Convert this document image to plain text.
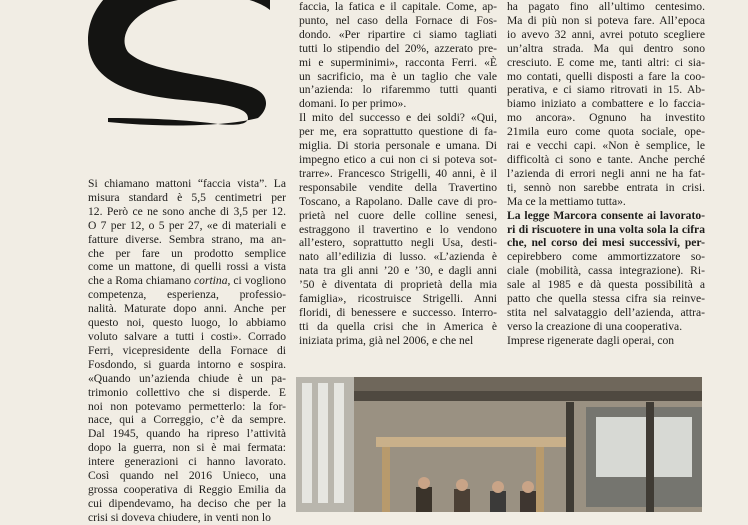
Si chiamano mattoni “faccia vista”. La
misura standard è 5,5 centimetri per
12. Però ce ne sono anche di 3,5 per 12.
O 7 per 12, o 5 per 27, «e di materiali e
fatture diverse. Sembra strano, ma an-
che per fare un prodotto semplice
come un mattone, di quelli rossi a vista
che a Roma chiamano cortina, ci vogliono
competenza, esperienza, professio-
nalità. Maturate dopo anni. Anche per
questo noi, questo luogo, lo abbiamo
voluto salvare a tutti i costi». Corrado
Ferri, vicepresidente della Fornace di
Fosdondo, si guarda intorno e sospira.
«Quando un’azienda chiude è un pa-
trimonio collettivo che si disperde. E
noi non potevamo permetterlo: la for-
nace, qui a Correggio, c’è da sempre.
Dal 1945, quando ha ripreso l’attività
dopo la guerra, non si è mai fermata:
intere generazioni ci hanno lavorato.
Così quando nel 2016 Unieco, una
grossa cooperativa di Reggio Emilia da
cui dipendevamo, ha deciso che per la
crisi si doveva chiudere, in venti non lo
faccia, la fatica e il capitale. Come, ap-
punto, nel caso della Fornace di Fos-
dondo. «Per ripartire ci siamo tagliati
tutti lo stipendio del 20%, azzerato pre-
mi e superminimi», racconta Ferri. «È
un sacrificio, ma è un taglio che vale
un’azienda: lo rifaremmo tutti quanti
domani. Io per primo».
Il mito del successo e dei soldi? «Qui,
per me, era soprattutto questione di fa-
miglia. Di storia personale e umana. Di
impegno etico a cui non ci si poteva sot-
trarre». Francesco Strigelli, 40 anni, è il
responsabile vendite della Travertino
Toscano, a Rapolano. Dalle cave di pro-
prietà nel cuore delle colline senesi,
estraggono il travertino e lo vendono
all’estero, soprattutto negli Usa, desti-
nato all’edilizia di lusso. «L’azienda è
nata tra gli anni ’20 e ’30, e dagli anni
’50 è diventata di proprietà della mia
famiglia», ricostruisce Strigelli. Anni
floridi, di benessere e successo. Interro-
tti da quella crisi che in America è
iniziata prima, già nel 2006, e che nel
ha pagato fino all’ultimo centesimo.
Ma di più non si poteva fare. All’epoca
io avevo 32 anni, avrei potuto scegliere
un’altra strada. Ma qui dentro sono
cresciuto. E come me, tanti altri: ci sia-
mo contati, quelli disposti a fare la coo-
perativa, e ci siamo ritrovati in 15. Ab-
biamo iniziato a combattere e lo faccia-
mo ancora». Ognuno ha investito
21mila euro come quota sociale, ope-
rai e vecchi capi. «Non è semplice, le
difficoltà ci sono e tante. Anche perché
l’azienda di errori negli anni ne ha fat-
ti, sennò non sarebbe entrata in crisi.
Ma ce la mettiamo tutta».
La legge Marcora consente ai lavorato-
ri di riscuotere in una volta sola la cifra
che, nel corso dei mesi successivi, per-
cepirebbero come ammortizzatore so-
ciale (mobilità, cassa integrazione). Ri-
sale al 1985 e dà questa possibilità a
patto che quella stessa cifra sia reinve-
stita nel salvataggio dell’azienda, attra-
verso la creazione di una cooperativa.
Imprese rigenerate dagli operai, con
